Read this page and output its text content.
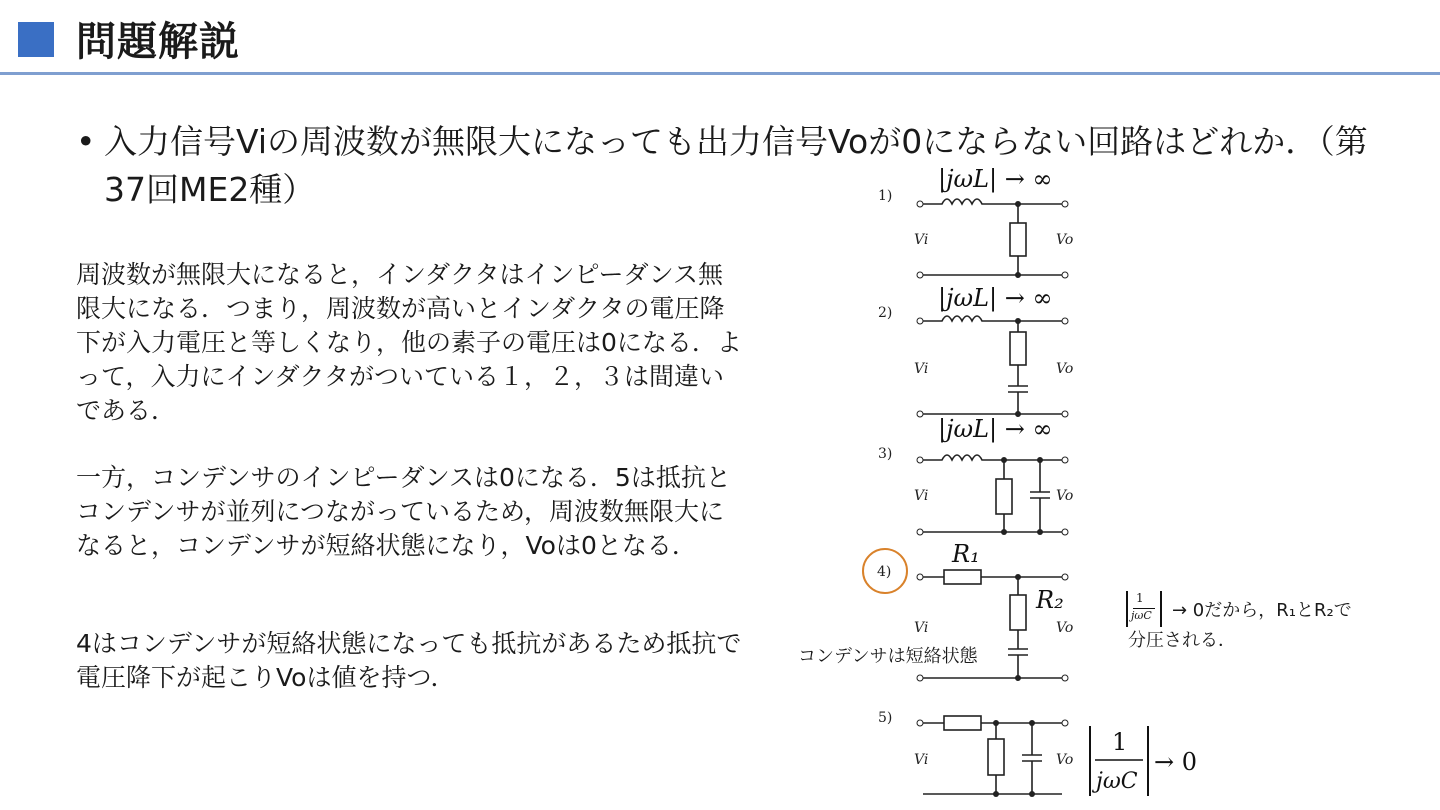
問題解説
• 入力信号Viの周波数が無限大になっても出力信号Voが0にならない回路はどれか．（第37回ME2種）

周波数が無限大になると，インダクタはインピーダンス無限大になる．つまり，周波数が高いとインダクタの電圧降下が入力電圧と等しくなり，他の素子の電圧は0になる．よって，入力にインダクタがついている１，２，３は間違いである．

一方，コンデンサのインピーダンスは0になる．5は抵抗とコンデンサが並列につながっているため，周波数無限大になると，コンデンサが短絡状態になり，Voは0となる．

4はコンデンサが短絡状態になっても抵抗があるため抵抗で電圧降下が起こりVoは値を持つ．

1)
|jωL| → ∞
Vi	Vo
2)
|jωL| → ∞
Vi	Vo
3)
|jωL| → ∞
Vi	Vo
4)
R₁
R₂
Vi	Vo
5)
Vi	Vo
1
jωC
→ 0
1
jωC	→ 0だから，R₁とR₂で
分圧される．
コンデンサは短絡状態
